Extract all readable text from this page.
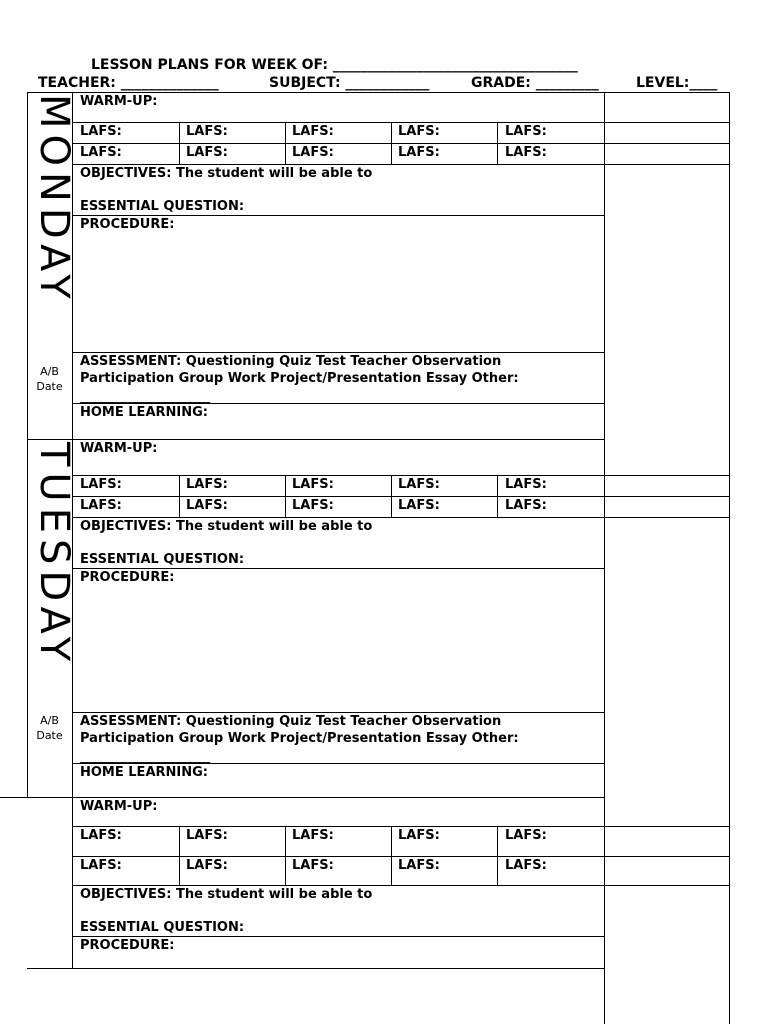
LESSON PLANS FOR WEEK OF: ___________________________________
TEACHER: ______________	SUBJECT: ____________	GRADE: _________	LEVEL:____
MONDAY WARM-UP:
LAFS:	LAFS:	LAFS:	LAFS:	LAFS:
LAFS:	LAFS:	LAFS:	LAFS:	LAFS:
OBJECTIVES: The student will be able to
ESSENTIAL QUESTION:
PROCEDURE:
A/B
Date
ASSESSMENT: Questioning Quiz Test Teacher Observation
Participation Group Work Project/Presentation Essay Other:
____________________
HOME LEARNING:
TUESDAY WARM-UP:
LAFS:	LAFS:	LAFS:	LAFS:	LAFS:
LAFS:	LAFS:	LAFS:	LAFS:	LAFS:
OBJECTIVES: The student will be able to
ESSENTIAL QUESTION:
PROCEDURE:
A/B
Date
ASSESSMENT: Questioning Quiz Test Teacher Observation
Participation Group Work Project/Presentation Essay Other:
____________________
HOME LEARNING:
WARM-UP:
LAFS:	LAFS:	LAFS:	LAFS:	LAFS:
LAFS:	LAFS:	LAFS:	LAFS:	LAFS:
OBJECTIVES: The student will be able to
ESSENTIAL QUESTION:
PROCEDURE:
